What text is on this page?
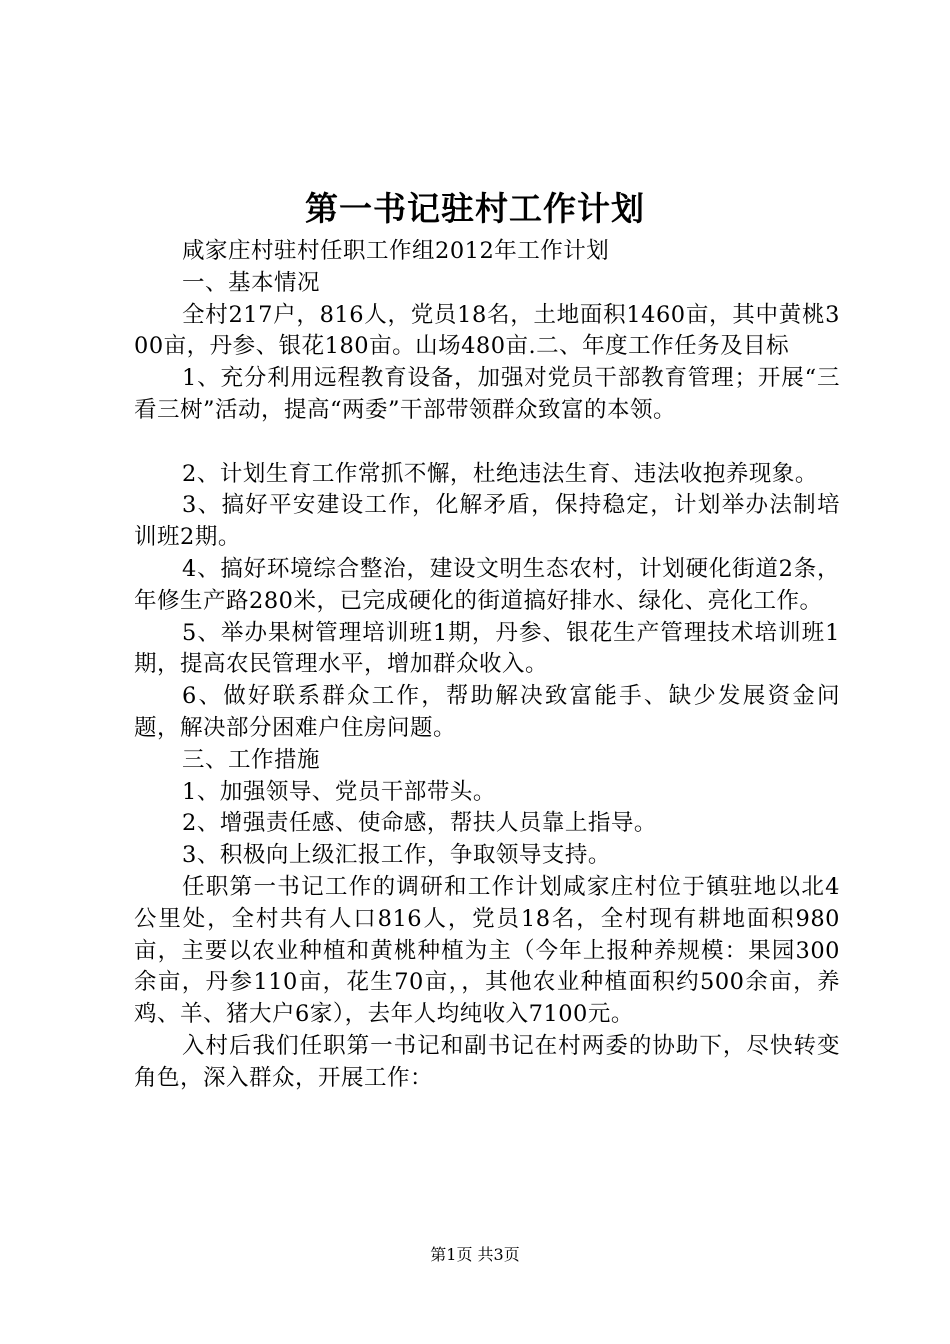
第一书记驻村工作计划

咸家庄村驻村任职工作组2012年工作计划

一、基本情况

全村217户，816人，党员18名，土地面积1460亩，其中黄桃300亩，丹参、银花180亩。山场480亩.二、年度工作任务及目标

1、充分利用远程教育设备，加强对党员干部教育管理；开展“三看三树”活动，提高“两委”干部带领群众致富的本领。

2、计划生育工作常抓不懈，杜绝违法生育、违法收抱养现象。

3、搞好平安建设工作，化解矛盾，保持稳定，计划举办法制培训班2期。

4、搞好环境综合整治，建设文明生态农村，计划硬化街道2条，年修生产路280米，已完成硬化的街道搞好排水、绿化、亮化工作。

5、举办果树管理培训班1期，丹参、银花生产管理技术培训班1期，提高农民管理水平，增加群众收入。

6、做好联系群众工作，帮助解决致富能手、缺少发展资金问题，解决部分困难户住房问题。

三、工作措施

1、加强领导、党员干部带头。

2、增强责任感、使命感，帮扶人员靠上指导。

3、积极向上级汇报工作，争取领导支持。

任职第一书记工作的调研和工作计划咸家庄村位于镇驻地以北4公里处，全村共有人口816人，党员18名，全村现有耕地面积980亩，主要以农业种植和黄桃种植为主（今年上报种养规模：果园300余亩，丹参110亩，花生70亩，，其他农业种植面积约500余亩，养鸡、羊、猪大户6家），去年人均纯收入7100元。

入村后我们任职第一书记和副书记在村两委的协助下，尽快转变角色，深入群众，开展工作：

第1页 共3页
